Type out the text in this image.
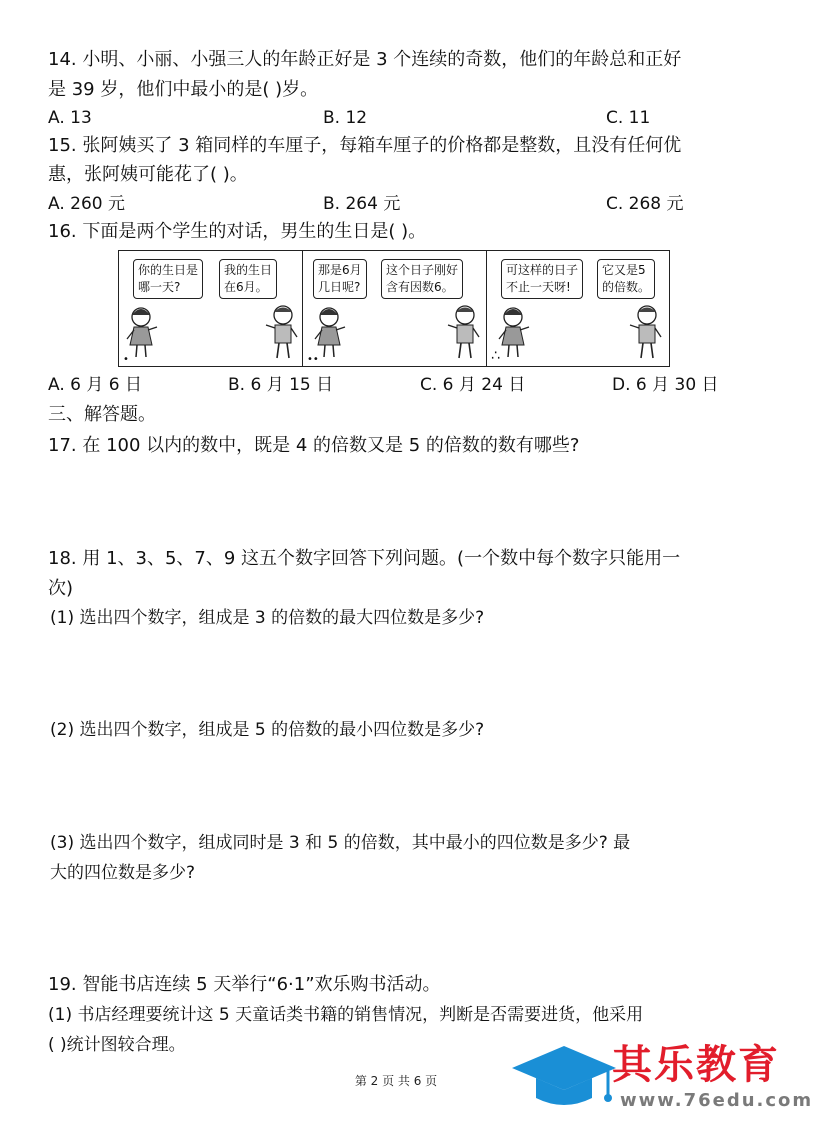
14. 小明、小丽、小强三人的年龄正好是 3 个连续的奇数，他们的年龄总和正好
是 39 岁，他们中最小的是( )岁。
A. 13	B. 12	C. 11
15. 张阿姨买了 3 箱同样的车厘子，每箱车厘子的价格都是整数，且没有任何优
惠，张阿姨可能花了( )。
A. 260 元	B. 264 元	C. 268 元
16. 下面是两个学生的对话，男生的生日是( )。
你的生日是
哪一天?
我的生日
在6月。
•
那是6月
几日呢?
这个日子刚好
含有因数6。
••
可这样的日子
不止一天呀!
它又是5
的倍数。
∴
A. 6 月 6 日	B. 6 月 15 日	C. 6 月 24 日	D. 6 月 30 日
三、解答题。
17. 在 100 以内的数中，既是 4 的倍数又是 5 的倍数的数有哪些?
18. 用 1、3、5、7、9 这五个数字回答下列问题。(一个数中每个数字只能用一
次)
(1) 选出四个数字，组成是 3 的倍数的最大四位数是多少?
(2) 选出四个数字，组成是 5 的倍数的最小四位数是多少?
(3) 选出四个数字，组成同时是 3 和 5 的倍数，其中最小的四位数是多少? 最
大的四位数是多少?
19. 智能书店连续 5 天举行“6·1”欢乐购书活动。
(1) 书店经理要统计这 5 天童话类书籍的销售情况，判断是否需要进货，他采用
( )统计图较合理。
第 2 页 共 6 页	其乐教育
www.76edu.com
